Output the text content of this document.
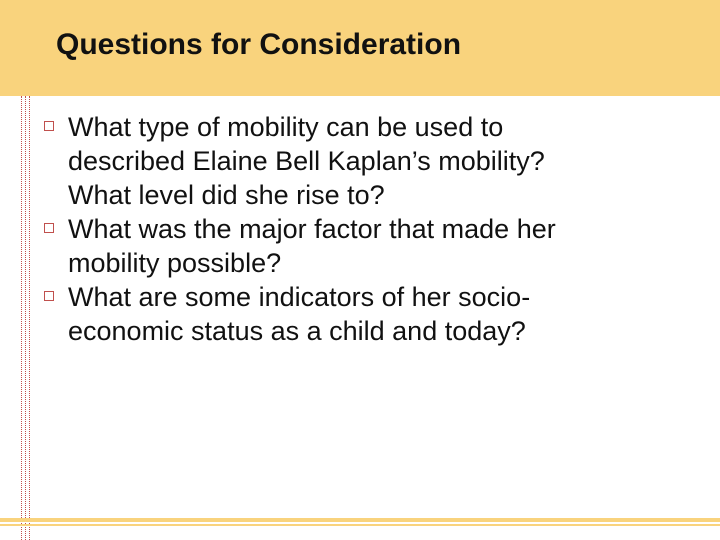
Questions for Consideration
What type of mobility can be used to
described Elaine Bell Kaplan’s mobility?
What level did she rise to?
What was the major factor that made her
mobility possible?
What are some indicators of her socio-
economic status as a child and today?
